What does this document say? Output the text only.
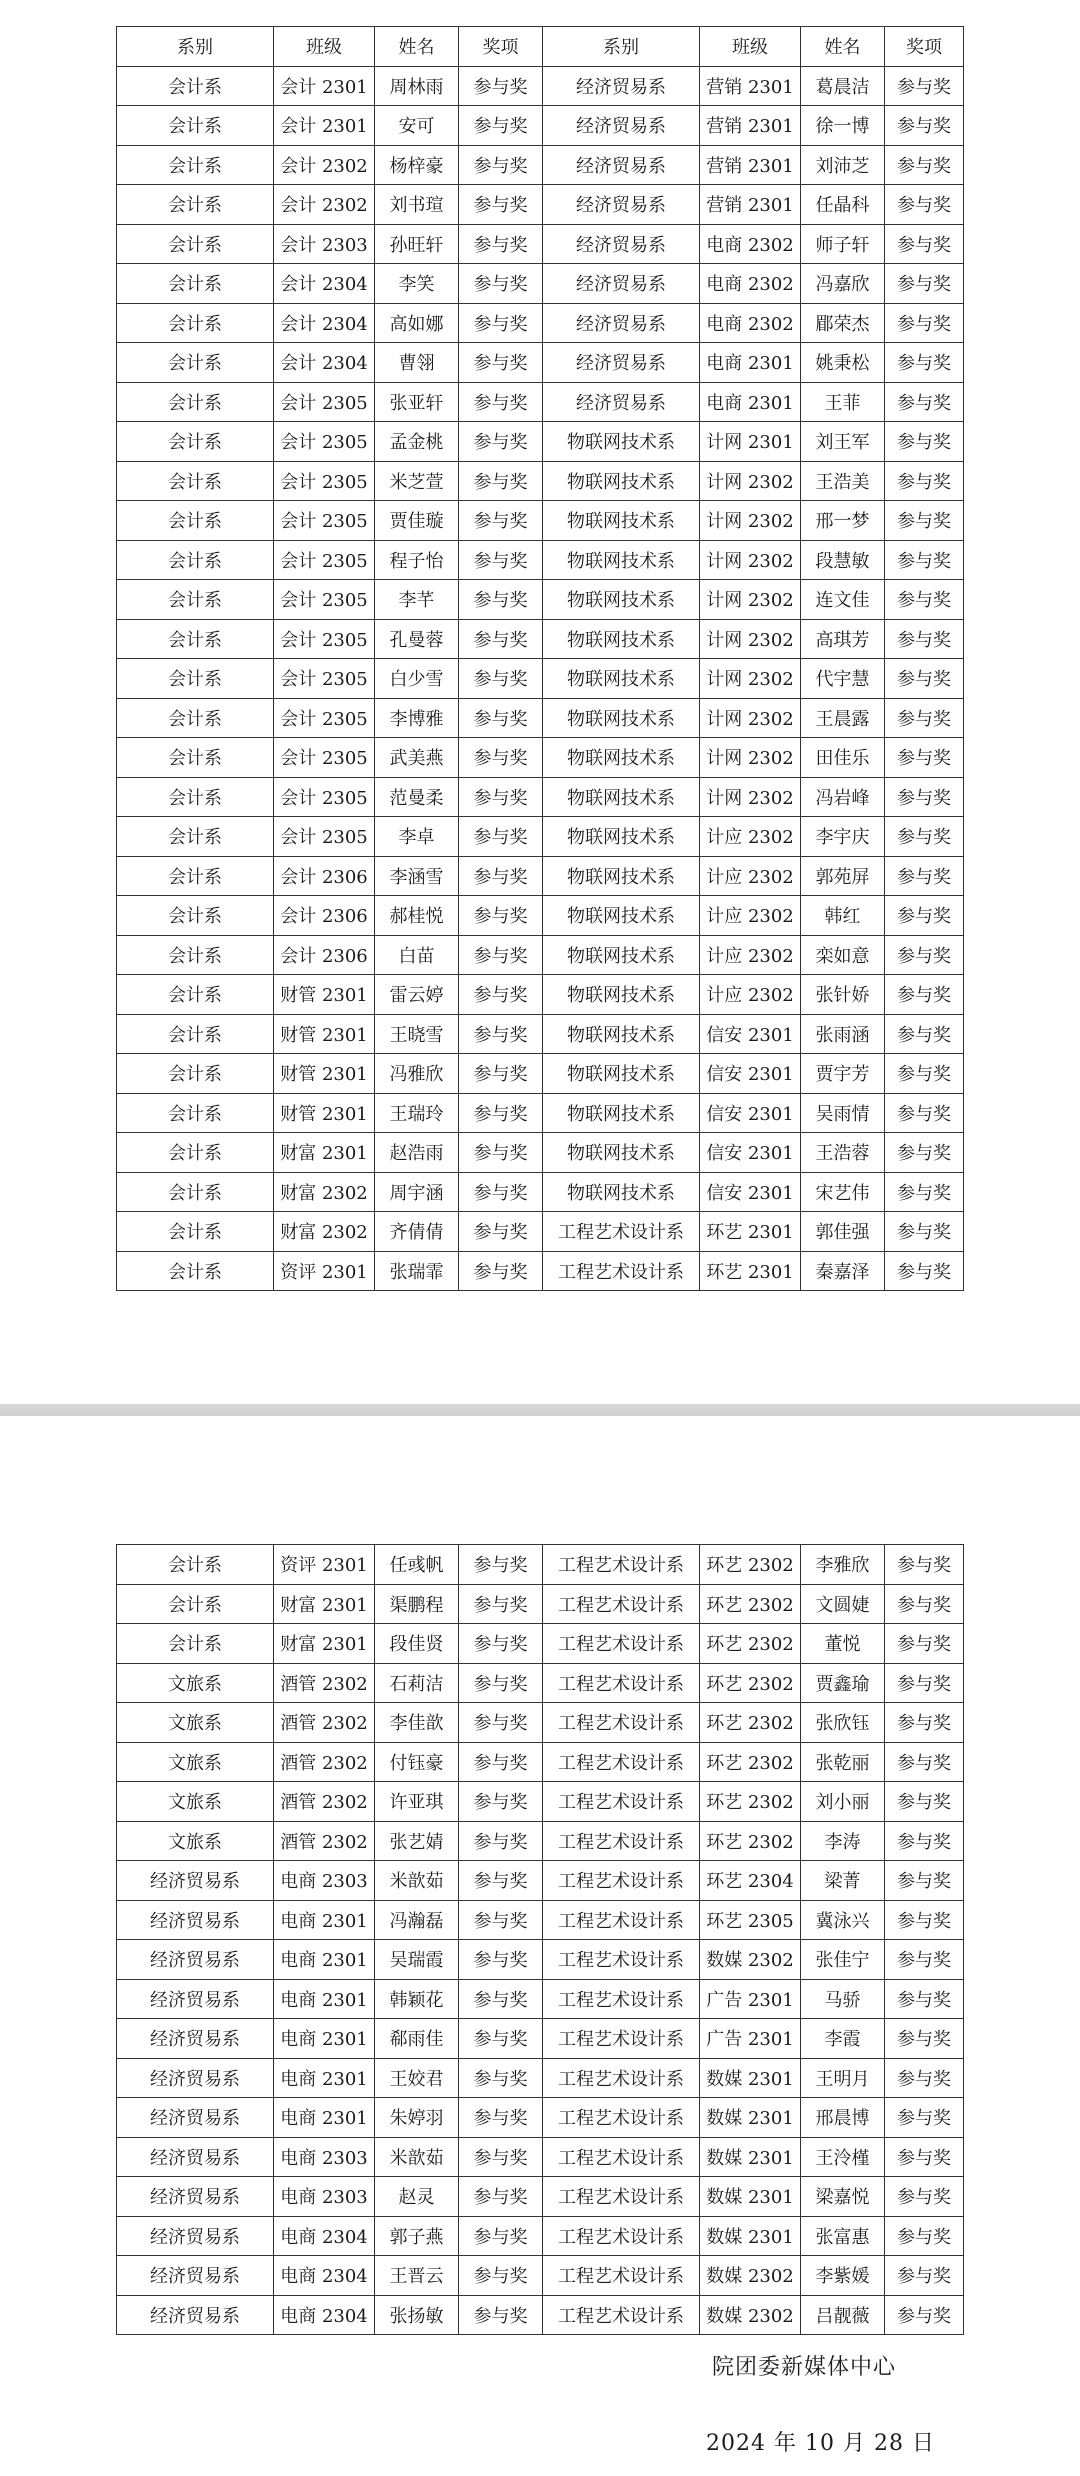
系别	班级	姓名	奖项	系别	班级	姓名	奖项
会计系	会计 2301	周林雨	参与奖	经济贸易系	营销 2301	葛晨洁	参与奖
会计系	会计 2301	安可	参与奖	经济贸易系	营销 2301	徐一博	参与奖
会计系	会计 2302	杨梓豪	参与奖	经济贸易系	营销 2301	刘沛芝	参与奖
会计系	会计 2302	刘书瑄	参与奖	经济贸易系	营销 2301	任晶科	参与奖
会计系	会计 2303	孙旺轩	参与奖	经济贸易系	电商 2302	师子轩	参与奖
会计系	会计 2304	李笑	参与奖	经济贸易系	电商 2302	冯嘉欣	参与奖
会计系	会计 2304	高如娜	参与奖	经济贸易系	电商 2302	郿荣杰	参与奖
会计系	会计 2304	曹翎	参与奖	经济贸易系	电商 2301	姚秉松	参与奖
会计系	会计 2305	张亚轩	参与奖	经济贸易系	电商 2301	王菲	参与奖
会计系	会计 2305	孟金桃	参与奖	物联网技术系	计网 2301	刘王军	参与奖
会计系	会计 2305	米芝萱	参与奖	物联网技术系	计网 2302	王浩美	参与奖
会计系	会计 2305	贾佳璇	参与奖	物联网技术系	计网 2302	邢一梦	参与奖
会计系	会计 2305	程子怡	参与奖	物联网技术系	计网 2302	段慧敏	参与奖
会计系	会计 2305	李芊	参与奖	物联网技术系	计网 2302	连文佳	参与奖
会计系	会计 2305	孔曼蓉	参与奖	物联网技术系	计网 2302	高琪芳	参与奖
会计系	会计 2305	白少雪	参与奖	物联网技术系	计网 2302	代宇慧	参与奖
会计系	会计 2305	李博雅	参与奖	物联网技术系	计网 2302	王晨露	参与奖
会计系	会计 2305	武美燕	参与奖	物联网技术系	计网 2302	田佳乐	参与奖
会计系	会计 2305	范曼柔	参与奖	物联网技术系	计网 2302	冯岩峰	参与奖
会计系	会计 2305	李卓	参与奖	物联网技术系	计应 2302	李宇庆	参与奖
会计系	会计 2306	李涵雪	参与奖	物联网技术系	计应 2302	郭苑屏	参与奖
会计系	会计 2306	郝桂悦	参与奖	物联网技术系	计应 2302	韩红	参与奖
会计系	会计 2306	白苗	参与奖	物联网技术系	计应 2302	栾如意	参与奖
会计系	财管 2301	雷云婷	参与奖	物联网技术系	计应 2302	张针娇	参与奖
会计系	财管 2301	王晓雪	参与奖	物联网技术系	信安 2301	张雨涵	参与奖
会计系	财管 2301	冯雅欣	参与奖	物联网技术系	信安 2301	贾宇芳	参与奖
会计系	财管 2301	王瑞玲	参与奖	物联网技术系	信安 2301	吴雨情	参与奖
会计系	财富 2301	赵浩雨	参与奖	物联网技术系	信安 2301	王浩蓉	参与奖
会计系	财富 2302	周宇涵	参与奖	物联网技术系	信安 2301	宋艺伟	参与奖
会计系	财富 2302	齐倩倩	参与奖	工程艺术设计系	环艺 2301	郭佳强	参与奖
会计系	资评 2301	张瑞霏	参与奖	工程艺术设计系	环艺 2301	秦嘉泽	参与奖
会计系	资评 2301	任彧帆	参与奖	工程艺术设计系	环艺 2302	李雅欣	参与奖
会计系	财富 2301	渠鹏程	参与奖	工程艺术设计系	环艺 2302	文圆婕	参与奖
会计系	财富 2301	段佳贤	参与奖	工程艺术设计系	环艺 2302	董悦	参与奖
文旅系	酒管 2302	石莉洁	参与奖	工程艺术设计系	环艺 2302	贾鑫瑜	参与奖
文旅系	酒管 2302	李佳歆	参与奖	工程艺术设计系	环艺 2302	张欣钰	参与奖
文旅系	酒管 2302	付钰豪	参与奖	工程艺术设计系	环艺 2302	张乾丽	参与奖
文旅系	酒管 2302	许亚琪	参与奖	工程艺术设计系	环艺 2302	刘小丽	参与奖
文旅系	酒管 2302	张艺婧	参与奖	工程艺术设计系	环艺 2302	李涛	参与奖
经济贸易系	电商 2303	米歆茹	参与奖	工程艺术设计系	环艺 2304	梁菁	参与奖
经济贸易系	电商 2301	冯瀚磊	参与奖	工程艺术设计系	环艺 2305	冀泳兴	参与奖
经济贸易系	电商 2301	吴瑞霞	参与奖	工程艺术设计系	数媒 2302	张佳宁	参与奖
经济贸易系	电商 2301	韩颖花	参与奖	工程艺术设计系	广告 2301	马骄	参与奖
经济贸易系	电商 2301	郗雨佳	参与奖	工程艺术设计系	广告 2301	李霞	参与奖
经济贸易系	电商 2301	王姣君	参与奖	工程艺术设计系	数媒 2301	王明月	参与奖
经济贸易系	电商 2301	朱婷羽	参与奖	工程艺术设计系	数媒 2301	邢晨博	参与奖
经济贸易系	电商 2303	米歆茹	参与奖	工程艺术设计系	数媒 2301	王泠槿	参与奖
经济贸易系	电商 2303	赵灵	参与奖	工程艺术设计系	数媒 2301	梁嘉悦	参与奖
经济贸易系	电商 2304	郭子燕	参与奖	工程艺术设计系	数媒 2301	张富惠	参与奖
经济贸易系	电商 2304	王晋云	参与奖	工程艺术设计系	数媒 2302	李紫媛	参与奖
经济贸易系	电商 2304	张扬敏	参与奖	工程艺术设计系	数媒 2302	吕靓薇	参与奖
院团委新媒体中心
2024 年 10 月 28 日
